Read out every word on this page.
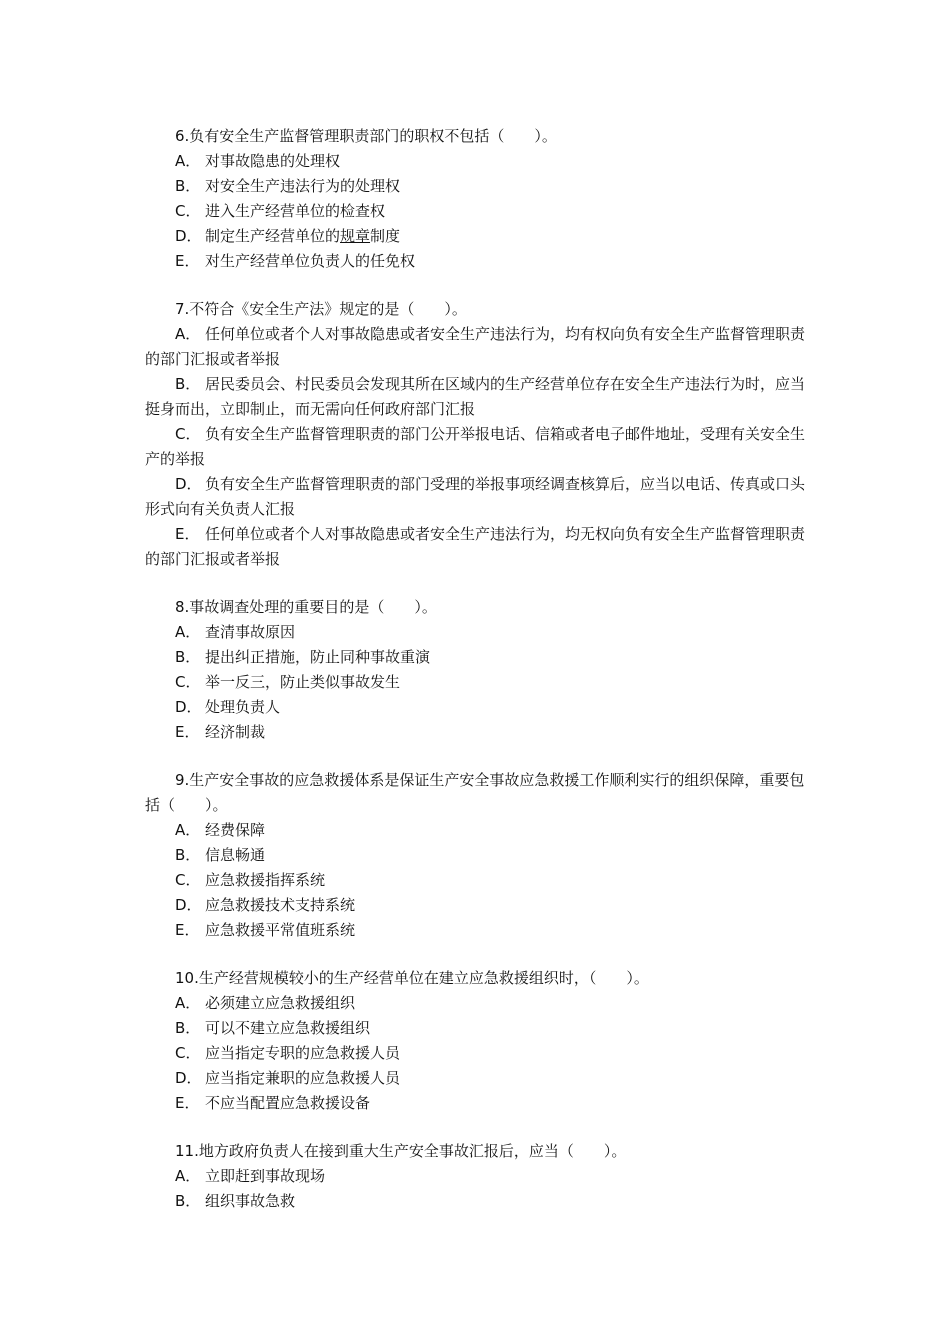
6.负有安全生产监督管理职责部门的职权不包括（　　）。

A． 对事故隐患的处理权

B． 对安全生产违法行为的处理权

C． 进入生产经营单位的检查权

D． 制定生产经营单位的规章制度

E． 对生产经营单位负责人的任免权

7.不符合《安全生产法》规定的是（　　）。

A． 任何单位或者个人对事故隐患或者安全生产违法行为，均有权向负有安全生产监督管理职责的部门汇报或者举报

B． 居民委员会、村民委员会发现其所在区域内的生产经营单位存在安全生产违法行为时，应当挺身而出，立即制止，而无需向任何政府部门汇报

C． 负有安全生产监督管理职责的部门公开举报电话、信箱或者电子邮件地址，受理有关安全生产的举报

D． 负有安全生产监督管理职责的部门受理的举报事项经调查核算后，应当以电话、传真或口头形式向有关负责人汇报

E． 任何单位或者个人对事故隐患或者安全生产违法行为，均无权向负有安全生产监督管理职责的部门汇报或者举报

8.事故调查处理的重要目的是（　　）。

A． 查清事故原因

B． 提出纠正措施，防止同种事故重演

C． 举一反三，防止类似事故发生

D． 处理负责人

E． 经济制裁

9.生产安全事故的应急救援体系是保证生产安全事故应急救援工作顺利实行的组织保障，重要包括（　　）。

A． 经费保障

B． 信息畅通

C． 应急救援指挥系统

D． 应急救援技术支持系统

E． 应急救援平常值班系统

10.生产经营规模较小的生产经营单位在建立应急救援组织时，（　　）。

A． 必须建立应急救援组织

B． 可以不建立应急救援组织

C． 应当指定专职的应急救援人员

D． 应当指定兼职的应急救援人员

E． 不应当配置应急救援设备

11.地方政府负责人在接到重大生产安全事故汇报后，应当（　　）。

A． 立即赶到事故现场

B． 组织事故急救
